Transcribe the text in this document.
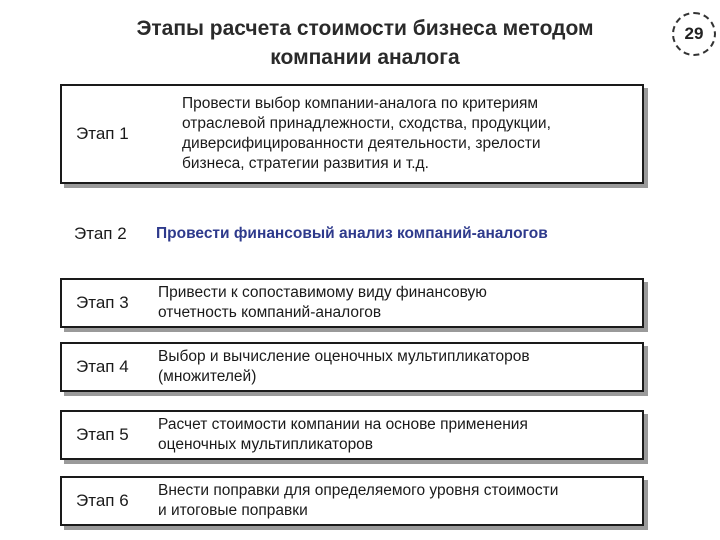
Этапы расчета стоимости бизнеса методом
компании аналога
29
Этап 1
Провести выбор компании-аналога по критериям
отраслевой принадлежности, сходства, продукции,
диверсифицированности деятельности, зрелости
бизнеса, стратегии развития и т.д.
Этап 2	Провести финансовый анализ компаний-аналогов
Этап 3
Привести к сопоставимому виду финансовую
отчетность компаний-аналогов
Этап 4
Выбор и вычисление оценочных мультипликаторов
(множителей)
Этап 5
Расчет стоимости компании на основе применения
оценочных мультипликаторов
Этап 6
Внести поправки для определяемого уровня стоимости
и итоговые поправки
